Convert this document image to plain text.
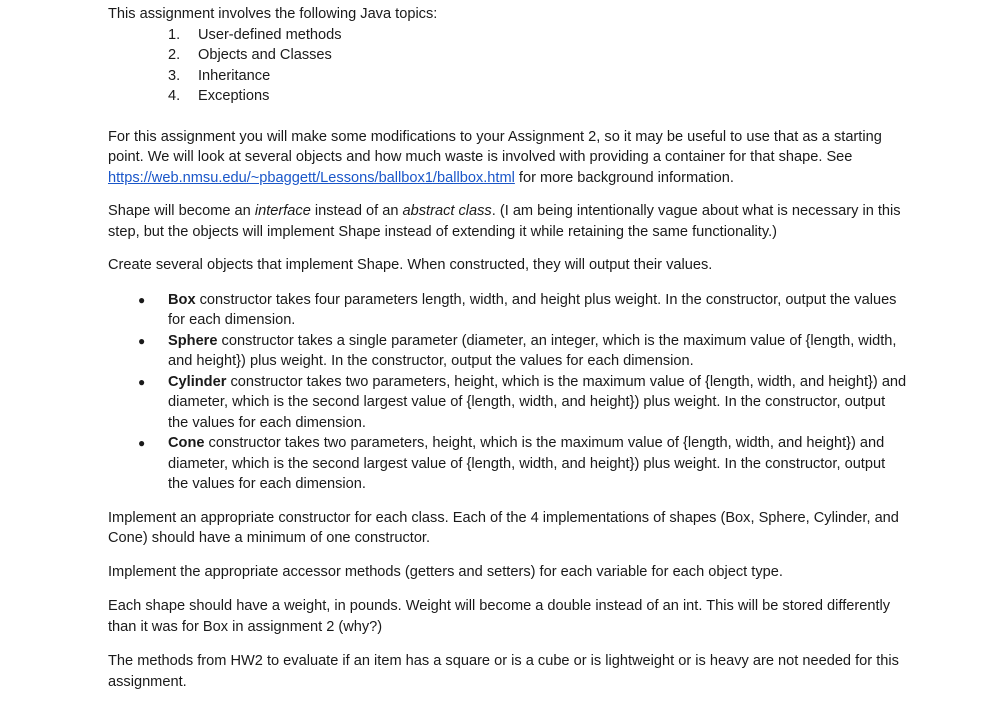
This assignment involves the following Java topics:

1. User-defined methods
2. Objects and Classes
3. Inheritance
4. Exceptions

For this assignment you will make some modifications to your Assignment 2, so it may be useful to use that as a starting point. We will look at several objects and how much waste is involved with providing a container for that shape. See https://web.nmsu.edu/~pbaggett/Lessons/ballbox1/ballbox.html for more background information.

Shape will become an interface instead of an abstract class. (I am being intentionally vague about what is necessary in this step, but the objects will implement Shape instead of extending it while retaining the same functionality.)

Create several objects that implement Shape. When constructed, they will output their values.

● Box constructor takes four parameters length, width, and height plus weight. In the constructor, output the values for each dimension.
● Sphere constructor takes a single parameter (diameter, an integer, which is the maximum value of {length, width, and height}) plus weight. In the constructor, output the values for each dimension.
● Cylinder constructor takes two parameters, height, which is the maximum value of {length, width, and height}) and diameter, which is the second largest value of {length, width, and height}) plus weight. In the constructor, output the values for each dimension.
● Cone constructor takes two parameters, height, which is the maximum value of {length, width, and height}) and diameter, which is the second largest value of {length, width, and height}) plus weight. In the constructor, output the values for each dimension.

Implement an appropriate constructor for each class. Each of the 4 implementations of shapes (Box, Sphere, Cylinder, and Cone) should have a minimum of one constructor.

Implement the appropriate accessor methods (getters and setters) for each variable for each object type.

Each shape should have a weight, in pounds. Weight will become a double instead of an int. This will be stored differently than it was for Box in assignment 2 (why?)

The methods from HW2 to evaluate if an item has a square or is a cube or is lightweight or is heavy are not needed for this assignment.
